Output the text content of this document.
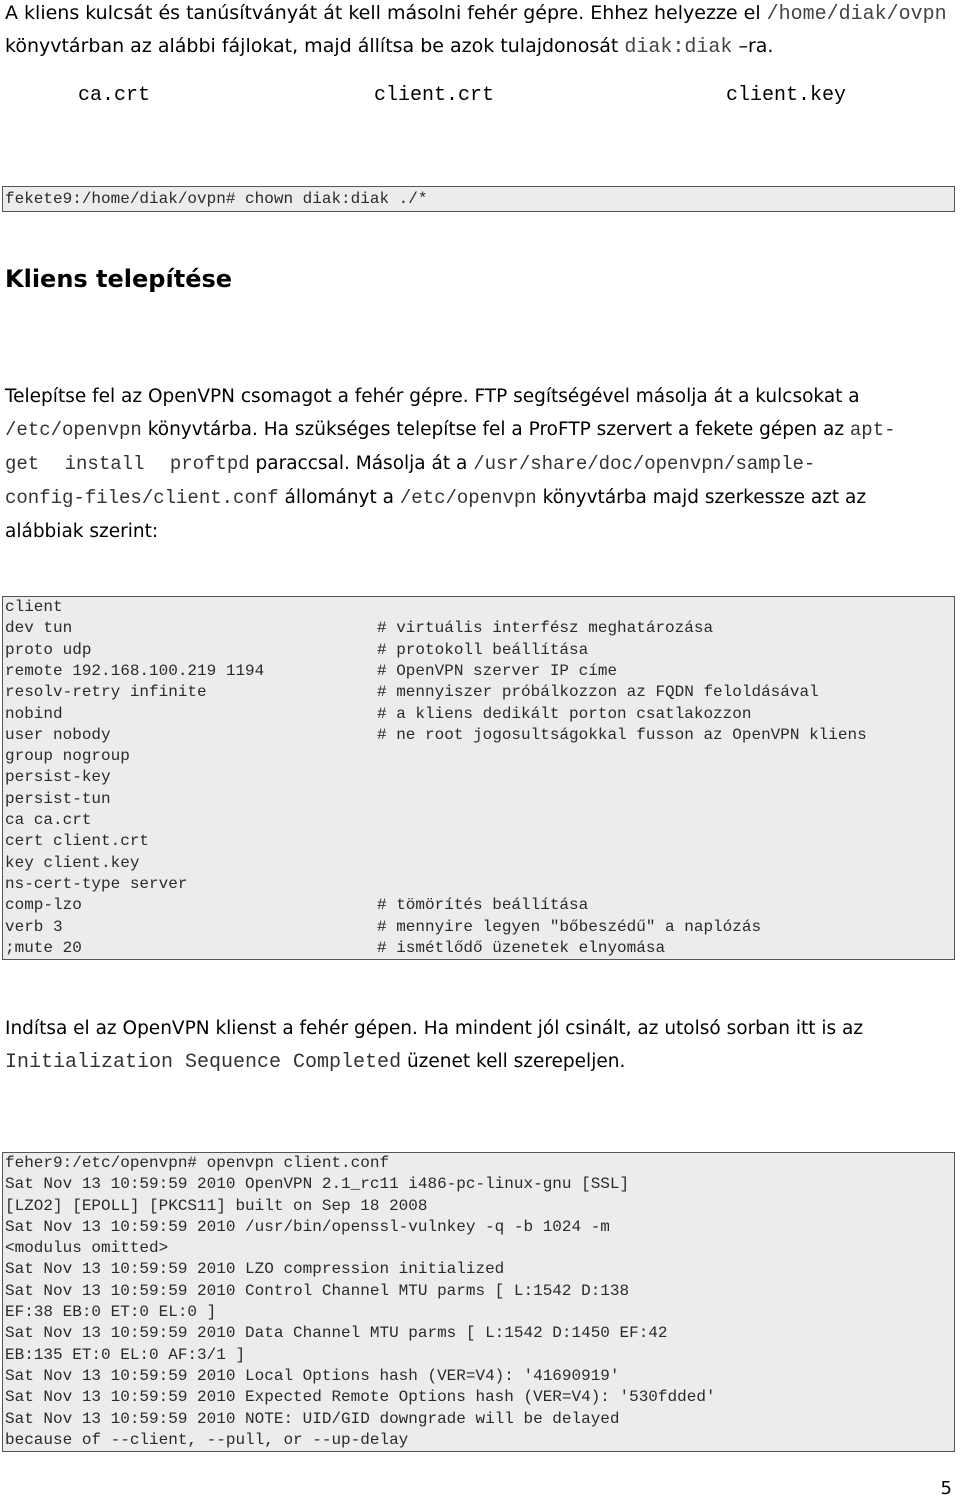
A kliens kulcsát és tanúsítványát át kell másolni fehér gépre. Ehhez helyezze el /home/diak/ovpn
könyvtárban az alábbi fájlokat, majd állítsa be azok tulajdonosát diak:diak –ra.
ca.crt	client.crt	client.key
fekete9:/home/diak/ovpn# chown diak:diak ./*
Kliens telepítése
Telepítse fel az OpenVPN csomagot a fehér gépre. FTP segítségével másolja át a kulcsokat a
/etc/openvpn könyvtárba. Ha szükséges telepítse fel a ProFTP szervert a fekete gépen az apt-
get install proftpd paraccsal. Másolja át a /usr/share/doc/openvpn/sample-
config-files/client.conf állományt a /etc/openvpn könyvtárba majd szerkessze azt az
alábbiak szerint:
client
dev tun	# virtuális interfész meghatározása
proto udp	# protokoll beállítása
remote 192.168.100.219 1194	# OpenVPN szerver IP címe
resolv-retry infinite	# mennyiszer próbálkozzon az FQDN feloldásával
nobind	# a kliens dedikált porton csatlakozzon
user nobody	# ne root jogosultságokkal fusson az OpenVPN kliens
group nogroup
persist-key
persist-tun
ca ca.crt
cert client.crt
key client.key
ns-cert-type server
comp-lzo	# tömörítés beállítása
verb 3	# mennyire legyen "bőbeszédű" a naplózás
;mute 20	# ismétlődő üzenetek elnyomása
Indítsa el az OpenVPN klienst a fehér gépen. Ha mindent jól csinált, az utolsó sorban itt is az
Initialization Sequence Completed üzenet kell szerepeljen.
feher9:/etc/openvpn# openvpn client.conf
Sat Nov 13 10:59:59 2010 OpenVPN 2.1_rc11 i486-pc-linux-gnu [SSL]
[LZO2] [EPOLL] [PKCS11] built on Sep 18 2008
Sat Nov 13 10:59:59 2010 /usr/bin/openssl-vulnkey -q -b 1024 -m
<modulus omitted>
Sat Nov 13 10:59:59 2010 LZO compression initialized
Sat Nov 13 10:59:59 2010 Control Channel MTU parms [ L:1542 D:138
EF:38 EB:0 ET:0 EL:0 ]
Sat Nov 13 10:59:59 2010 Data Channel MTU parms [ L:1542 D:1450 EF:42
EB:135 ET:0 EL:0 AF:3/1 ]
Sat Nov 13 10:59:59 2010 Local Options hash (VER=V4): '41690919'
Sat Nov 13 10:59:59 2010 Expected Remote Options hash (VER=V4): '530fdded'
Sat Nov 13 10:59:59 2010 NOTE: UID/GID downgrade will be delayed
because of --client, --pull, or --up-delay
5
